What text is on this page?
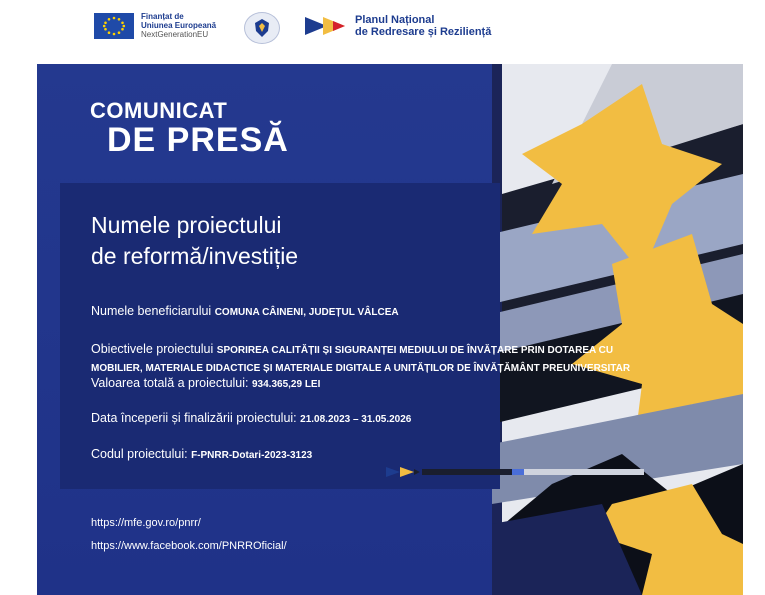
Finanțat de
Uniunea Europeană
NextGenerationEU
Planul Național
de Redresare și Reziliență
COMUNICAT
DE PRESĂ
Numele proiectului
de reformă/investiție
Numele beneficiarului COMUNA CÂINENI, JUDEȚUL VÂLCEA
Obiectivele proiectului SPORIREA CALITĂȚII ȘI SIGURANȚEI MEDIULUI DE ÎNVĂȚARE PRIN DOTAREA CU
MOBILIER, MATERIALE DIDACTICE ȘI MATERIALE DIGITALE A UNITĂȚILOR DE ÎNVĂȚĂMÂNT PREUNIVERSITAR
Valoarea totală a proiectului: 934.365,29 LEI
Data începerii și finalizării proiectului: 21.08.2023 – 31.05.2026
Codul proiectului: F-PNRR-Dotari-2023-3123
https://mfe.gov.ro/pnrr/
https://www.facebook.com/PNRROficial/
